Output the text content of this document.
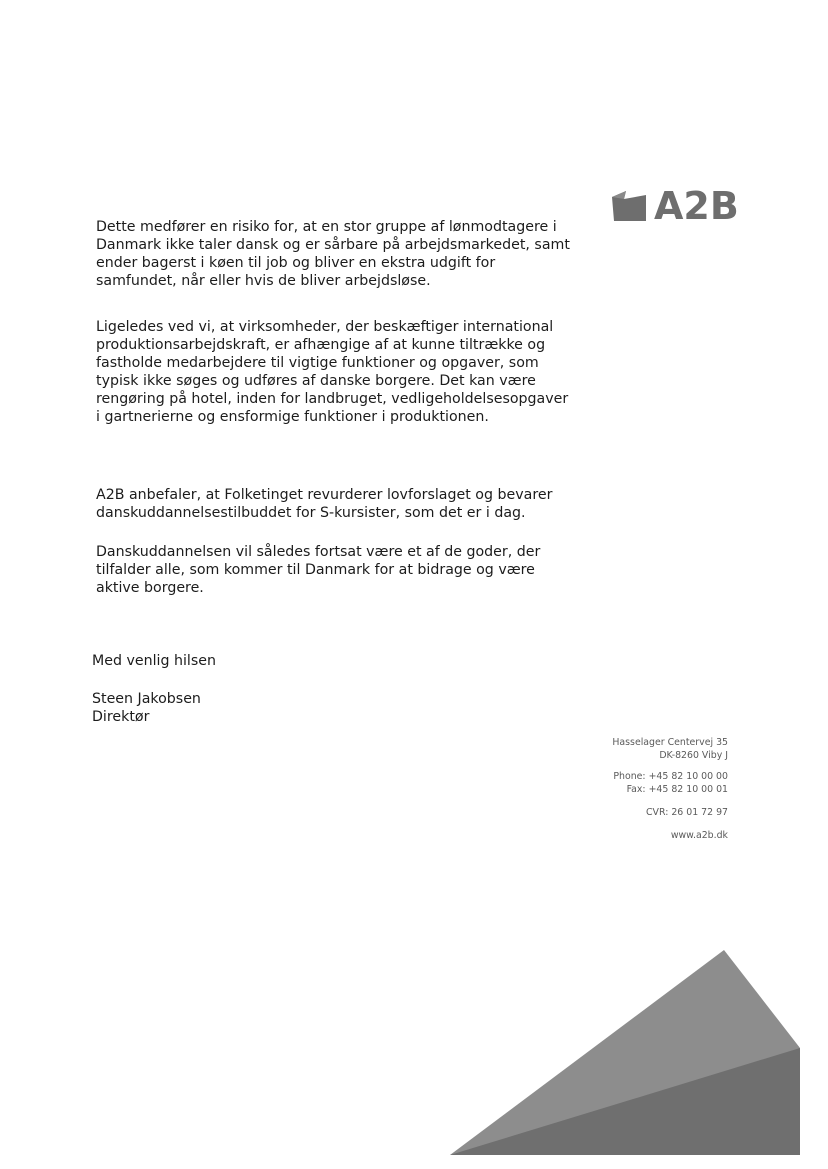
A2B

Dette medfører en risiko for, at en stor gruppe af lønmodtagere i Danmark ikke taler dansk og er sårbare på arbejdsmarkedet, samt ender bagerst i køen til job og bliver en ekstra udgift for samfundet, når eller hvis de bliver arbejdsløse.

Ligeledes ved vi, at virksomheder, der beskæftiger international produktionsarbejdskraft, er afhængige af at kunne tiltrække og fastholde medarbejdere til vigtige funktioner og opgaver, som typisk ikke søges og udføres af danske borgere. Det kan være rengøring på hotel, inden for landbruget, vedligeholdelsesopgaver i gartnerierne og ensformige funktioner i produktionen.

A2B anbefaler, at Folketinget revurderer lovforslaget og bevarer danskuddannelsestilbuddet for S-kursister, som det er i dag.

Danskuddannelsen vil således fortsat være et af de goder, der tilfalder alle, som kommer til Danmark for at bidrage og være aktive borgere.

Med venlig hilsen

Steen Jakobsen

Direktør

Hasselager Centervej 35
DK-8260 Viby J
Phone: +45 82 10 00 00
Fax: +45 82 10 00 01
CVR: 26 01 72 97
www.a2b.dk
